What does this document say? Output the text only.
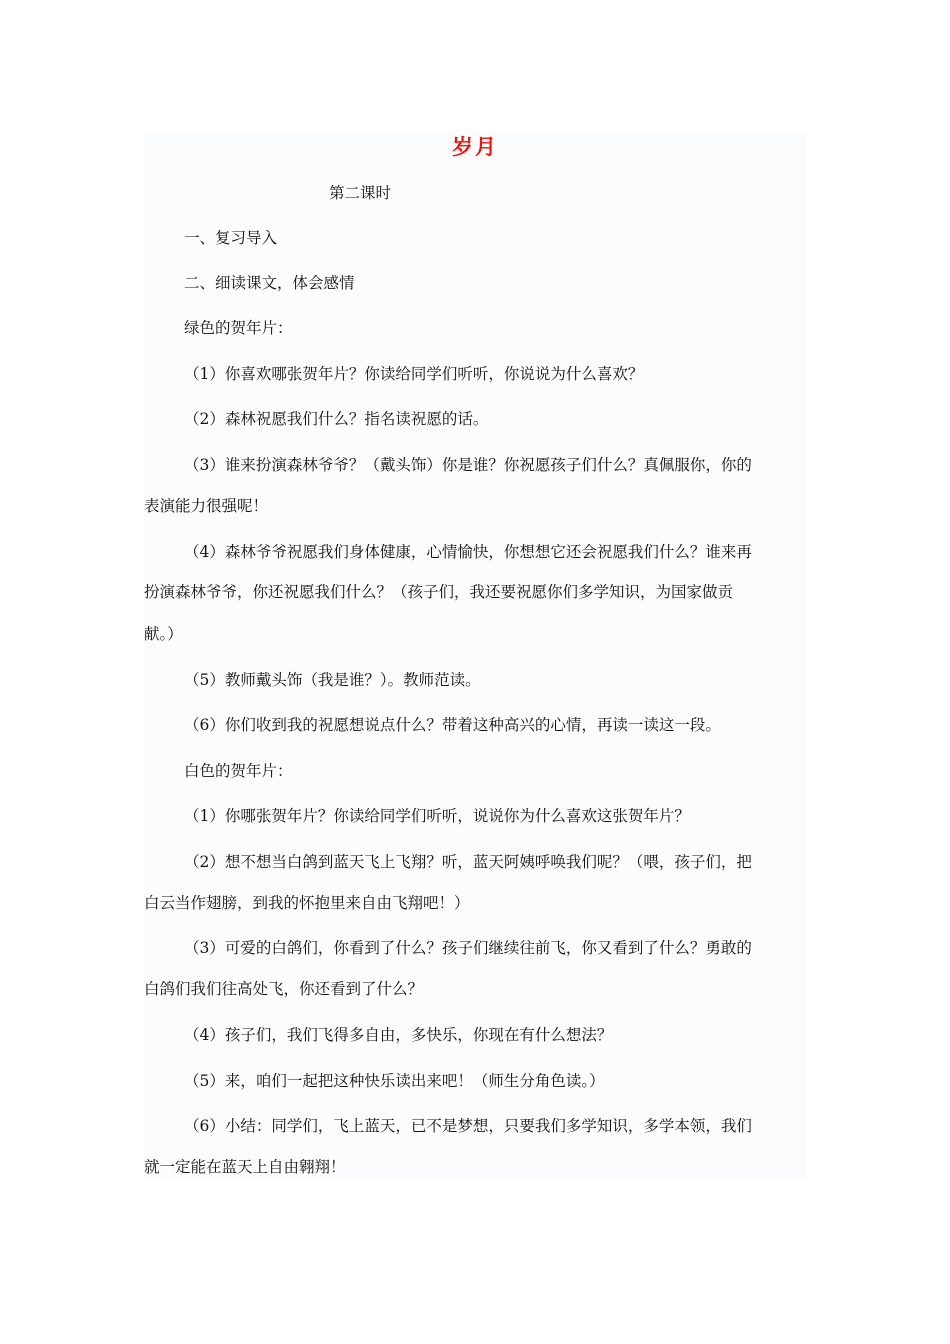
岁月
第二课时
一、复习导入
二、细读课文，体会感情
绿色的贺年片：
（1）你喜欢哪张贺年片？你读给同学们听听，你说说为什么喜欢？
（2）森林祝愿我们什么？指名读祝愿的话。
（3）谁来扮演森林爷爷？（戴头饰）你是谁？你祝愿孩子们什么？真佩服你，你的
表演能力很强呢！
（4）森林爷爷祝愿我们身体健康，心情愉快，你想想它还会祝愿我们什么？谁来再
扮演森林爷爷，你还祝愿我们什么？（孩子们，我还要祝愿你们多学知识，为国家做贡
献。）
（5）教师戴头饰（我是谁？）。教师范读。
（6）你们收到我的祝愿想说点什么？带着这种高兴的心情，再读一读这一段。
白色的贺年片：
（1）你哪张贺年片？你读给同学们听听，说说你为什么喜欢这张贺年片？
（2）想不想当白鸽到蓝天飞上飞翔？听，蓝天阿姨呼唤我们呢？（喂，孩子们，把
白云当作翅膀，到我的怀抱里来自由飞翔吧！）
（3）可爱的白鸽们，你看到了什么？孩子们继续往前飞，你又看到了什么？勇敢的
白鸽们我们往高处飞，你还看到了什么？
（4）孩子们，我们飞得多自由，多快乐，你现在有什么想法？
（5）来，咱们一起把这种快乐读出来吧！（师生分角色读。）
（6）小结：同学们，飞上蓝天，已不是梦想，只要我们多学知识，多学本领，我们
就一定能在蓝天上自由翱翔！
